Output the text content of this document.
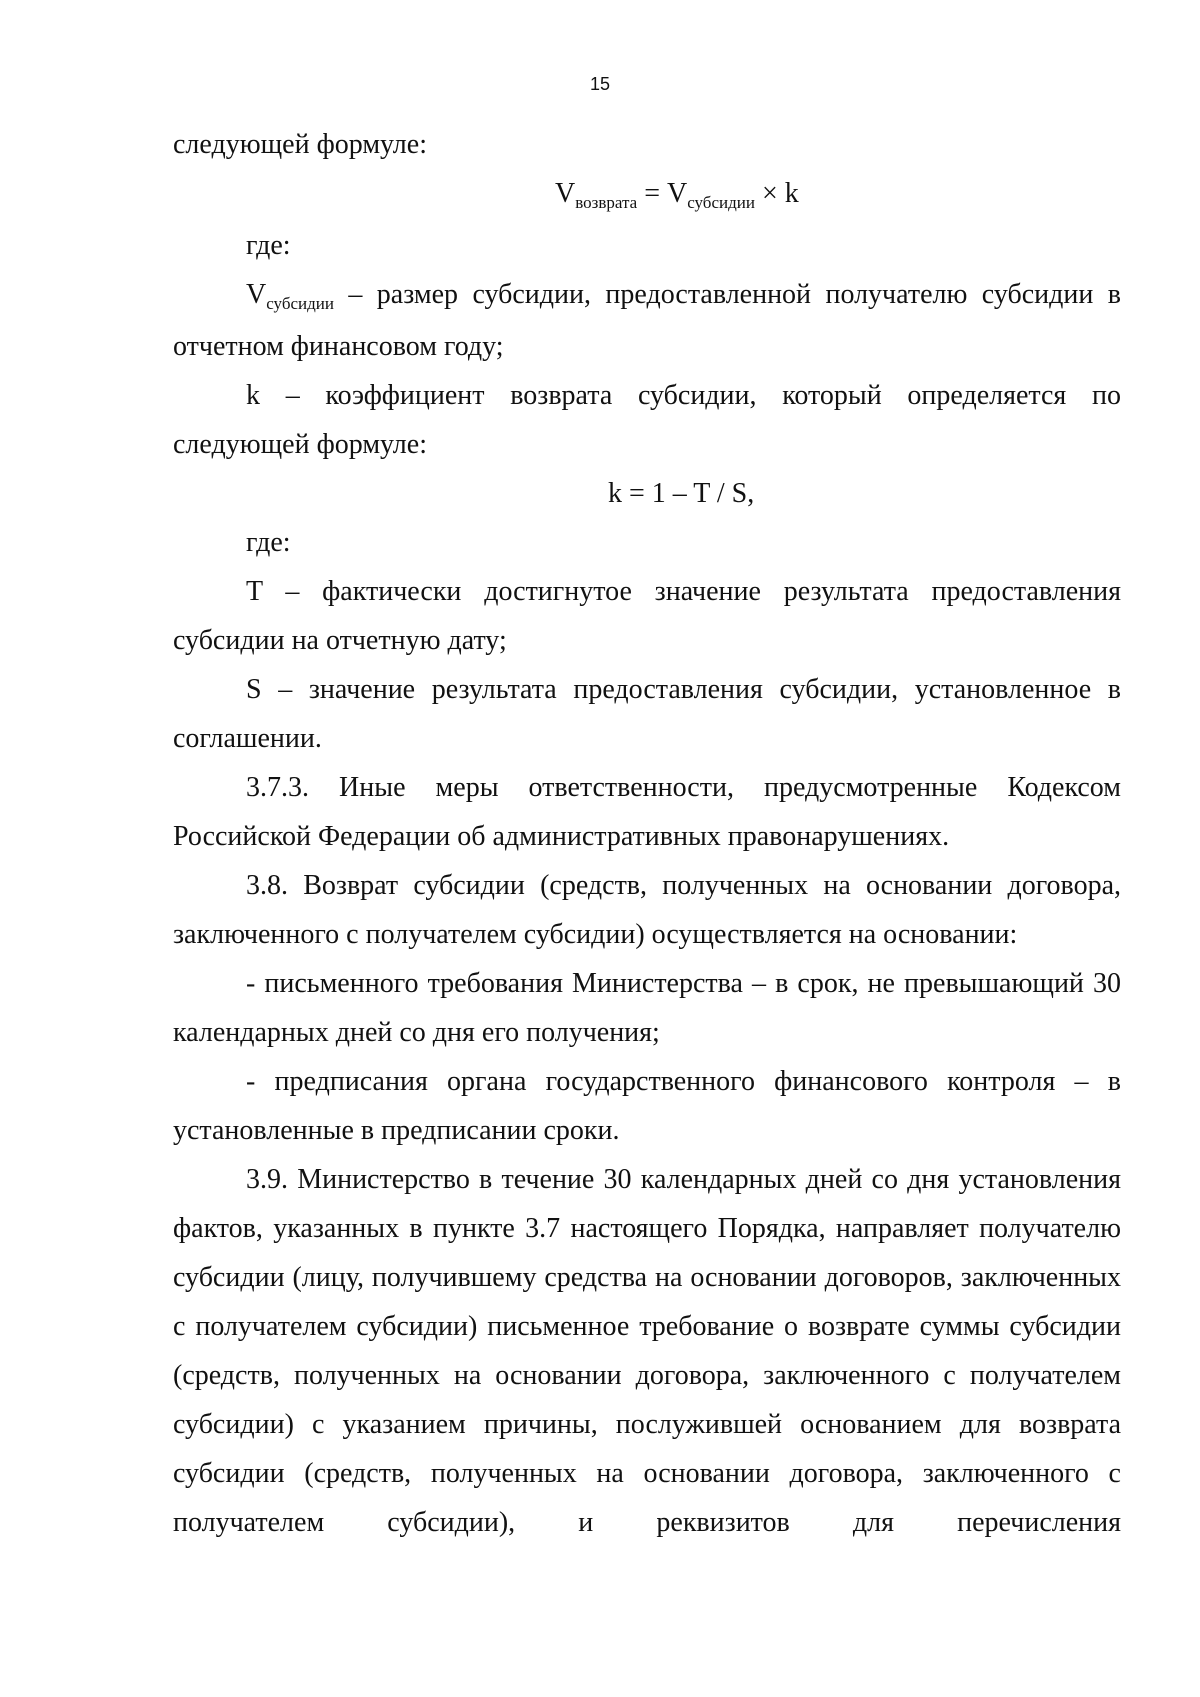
15

следующей формуле:

$V_{возврата} = V_{субсидии} \times k$

где:

$V_{субсидии}$ – размер субсидии, предоставленной получателю субсидии в отчетном финансовом году;

k – коэффициент возврата субсидии, который определяется по следующей формуле:

k = 1 – T / S,

где:

T – фактически достигнутое значение результата предоставления субсидии на отчетную дату;

S – значение результата предоставления субсидии, установленное в соглашении.

3.7.3. Иные меры ответственности, предусмотренные Кодексом Российской Федерации об административных правонарушениях.

3.8. Возврат субсидии (средств, полученных на основании договора, заключенного с получателем субсидии) осуществляется на основании:

- письменного требования Министерства – в срок, не превышающий 30 календарных дней со дня его получения;

- предписания органа государственного финансового контроля – в установленные в предписании сроки.

3.9. Министерство в течение 30 календарных дней со дня установления фактов, указанных в пункте 3.7 настоящего Порядка, направляет получателю субсидии (лицу, получившему средства на основании договоров, заключенных с получателем субсидии) письменное требование о возврате суммы субсидии (средств, полученных на основании договора, заключенного с получателем субсидии) с указанием причины, послужившей основанием для возврата субсидии (средств, полученных на основании договора, заключенного с получателем субсидии), и реквизитов для перечисления
